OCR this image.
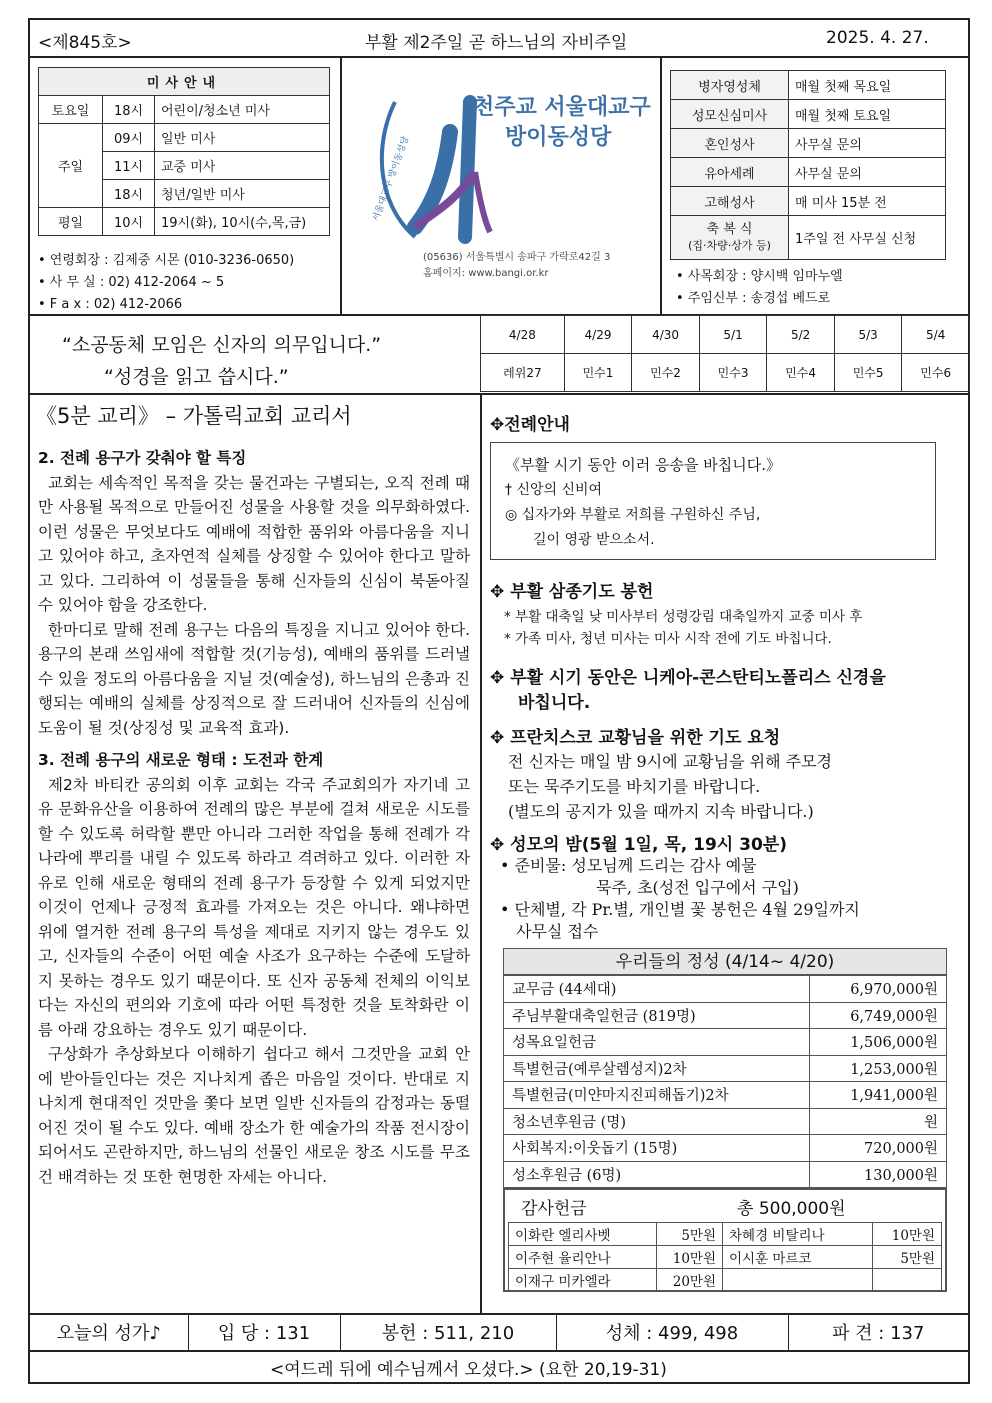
<제845호>	부활 제2주일 곧 하느님의 자비주일	2025. 4. 27.
미사안내		
토요일	18시	어린이/청소년 미사
주일	09시	일반 미사
	11시	교중 미사
	18시	청년/일반 미사
평일	10시	19시(화), 10시(수,목,금)
• 연령회장 : 김제중 시몬 (010-3236-0650)
• 사 무 실 : 02) 412-2064 ~ 5
• F a x : 02) 412-2066
천주교 서울대교구
방이동성당
서울대교구 방이동성당
(05636) 서울특별시 송파구 가락로42길 3
홈페이지: www.bangi.or.kr
병자영성체	매월 첫째 목요일
성모신심미사	매월 첫째 토요일
혼인성사	사무실 문의
유아세례	사무실 문의
고해성사	매 미사 15분 전

축 복 식
(집·차량·상가 등)	1주일 전 사무실 신청
• 사목회장 : 양시백 임마누엘
• 주임신부 : 송경섭 베드로
“소공동체 모임은 신자의 의무입니다.”
“성경을 읽고 씁시다.”
4/28	4/29	4/30	5/1	5/2	5/3	5/4
레위27	민수1	민수2	민수3	민수4	민수5	민수6
《5분 교리》 – 가톨릭교회 교리서
2. 전례 용구가 갖춰야 할 특징

교회는 세속적인 목적을 갖는 물건과는 구별되는, 오직 전례 때만 사용될 목적으로 만들어진 성물을 사용할 것을 의무화하였다. 이런 성물은 무엇보다도 예배에 적합한 품위와 아름다움을 지니고 있어야 하고, 초자연적 실체를 상징할 수 있어야 한다고 말하고 있다. 그리하여 이 성물들을 통해 신자들의 신심이 북돋아질 수 있어야 함을 강조한다.

한마디로 말해 전례 용구는 다음의 특징을 지니고 있어야 한다. 용구의 본래 쓰임새에 적합할 것(기능성), 예배의 품위를 드러낼 수 있을 정도의 아름다움을 지닐 것(예술성), 하느님의 은총과 진행되는 예배의 실체를 상징적으로 잘 드러내어 신자들의 신심에 도움이 될 것(상징성 및 교육적 효과).

3. 전례 용구의 새로운 형태 : 도전과 한계

제2차 바티칸 공의회 이후 교회는 각국 주교회의가 자기네 고유 문화유산을 이용하여 전례의 많은 부분에 걸쳐 새로운 시도를 할 수 있도록 허락할 뿐만 아니라 그러한 작업을 통해 전례가 각 나라에 뿌리를 내릴 수 있도록 하라고 격려하고 있다. 이러한 자유로 인해 새로운 형태의 전례 용구가 등장할 수 있게 되었지만 이것이 언제나 긍정적 효과를 가져오는 것은 아니다. 왜냐하면 위에 열거한 전례 용구의 특성을 제대로 지키지 않는 경우도 있고, 신자들의 수준이 어떤 예술 사조가 요구하는 수준에 도달하지 못하는 경우도 있기 때문이다. 또 신자 공동체 전체의 이익보다는 자신의 편의와 기호에 따라 어떤 특정한 것을 토착화란 이름 아래 강요하는 경우도 있기 때문이다.

구상화가 추상화보다 이해하기 쉽다고 해서 그것만을 교회 안에 받아들인다는 것은 지나치게 좁은 마음일 것이다. 반대로 지나치게 현대적인 것만을 쫓다 보면 일반 신자들의 감정과는 동떨어진 것이 될 수도 있다. 예배 장소가 한 예술가의 작품 전시장이 되어서도 곤란하지만, 하느님의 선물인 새로운 창조 시도를 무조건 배격하는 것 또한 현명한 자세는 아니다.

✥전례안내
《부활 시기 동안 이러 응송을 바칩니다.》
† 신앙의 신비여
◎ 십자가와 부활로 저희를 구원하신 주님,
길이 영광 받으소서.
✥ 부활 삼종기도 봉헌
* 부활 대축일 낮 미사부터 성령강림 대축일까지 교중 미사 후
* 가족 미사, 청년 미사는 미사 시작 전에 기도 바칩니다.
✥ 부활 시기 동안은 니케아-콘스탄티노폴리스 신경을
바칩니다.
✥ 프란치스코 교황님을 위한 기도 요청
전 신자는 매일 밤 9시에 교황님을 위해 주모경
또는 묵주기도를 바치기를 바랍니다.
(별도의 공지가 있을 때까지 지속 바랍니다.)
✥ 성모의 밤(5월 1일, 목, 19시 30분)
• 준비물: 성모님께 드리는 감사 예물
묵주, 초(성전 입구에서 구입)
• 단체별, 각 Pr.별, 개인별 꽃 봉헌은 4월 29일까지
사무실 접수
우리들의 정성 (4/14~ 4/20)
교무금 (44세대)	6,970,000원
주님부활대축일헌금 (819명)	6,749,000원
성목요일헌금	1,506,000원
특별헌금(예루살렘성지)2차	1,253,000원
특별헌금(미얀마지진피해돕기)2차	1,941,000원
청소년후원금 (명)	원
사회복지:이웃돕기 (15명)	720,000원
성소후원금 (6명)	130,000원
감사헌금	총 500,000원
이화란 엘리사벳	5만원	차혜경 비탈리나	10만원
이주현 율리안나	10만원	이시훈 마르코	5만원
이재구 미카엘라	20만원		
오늘의 성가♪	입 당 : 131	봉헌 : 511, 210	성체 : 499, 498	파 견 : 137
<여드레 뒤에 예수님께서 오셨다.> (요한 20,19-31)
